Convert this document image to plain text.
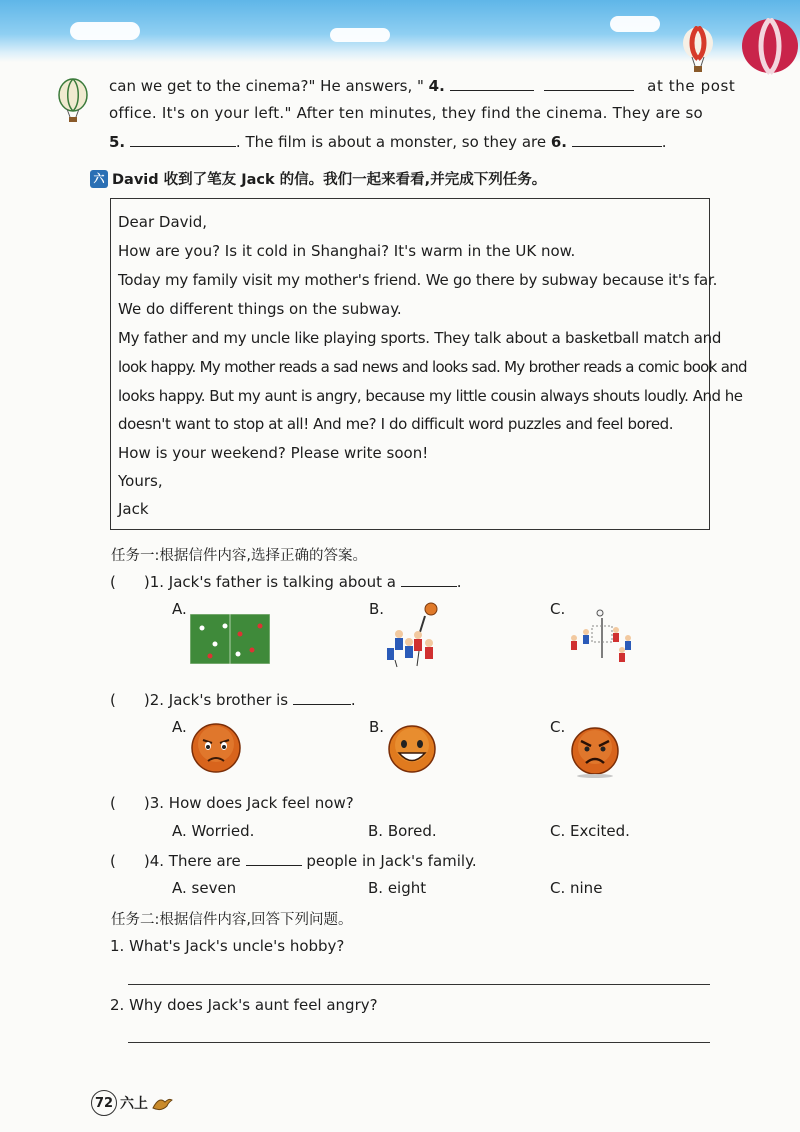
can we get to the cinema?" He answers, " 4.	at the post
office. It's on your left." After ten minutes, they find the cinema. They are so
5.	. The film is about a monster, so they are 6.	.
六 David 收到了笔友 Jack 的信。我们一起来看看,并完成下列任务。
Dear David,
How are you? Is it cold in Shanghai? It's warm in the UK now.
Today my family visit my mother's friend. We go there by subway because it's far.
We do different things on the subway.
My father and my uncle like playing sports. They talk about a basketball match and
look happy. My mother reads a sad news and looks sad. My brother reads a comic book and
looks happy. But my aunt is angry, because my little cousin always shouts loudly. And he
doesn't want to stop at all! And me? I do difficult word puzzles and feel bored.
How is your weekend? Please write soon!
Yours,
Jack
任务一:根据信件内容,选择正确的答案。
( )1. Jack's father is talking about a	.
A.	B.	C.
( )2. Jack's brother is	.
A.	B.	C.
( )3. How does Jack feel now?
A. Worried.	B. Bored.	C. Excited.
( )4. There are	people in Jack's family.
A. seven	B. eight	C. nine
任务二:根据信件内容,回答下列问题。
1. What's Jack's uncle's hobby?
2. Why does Jack's aunt feel angry?
72 六上
